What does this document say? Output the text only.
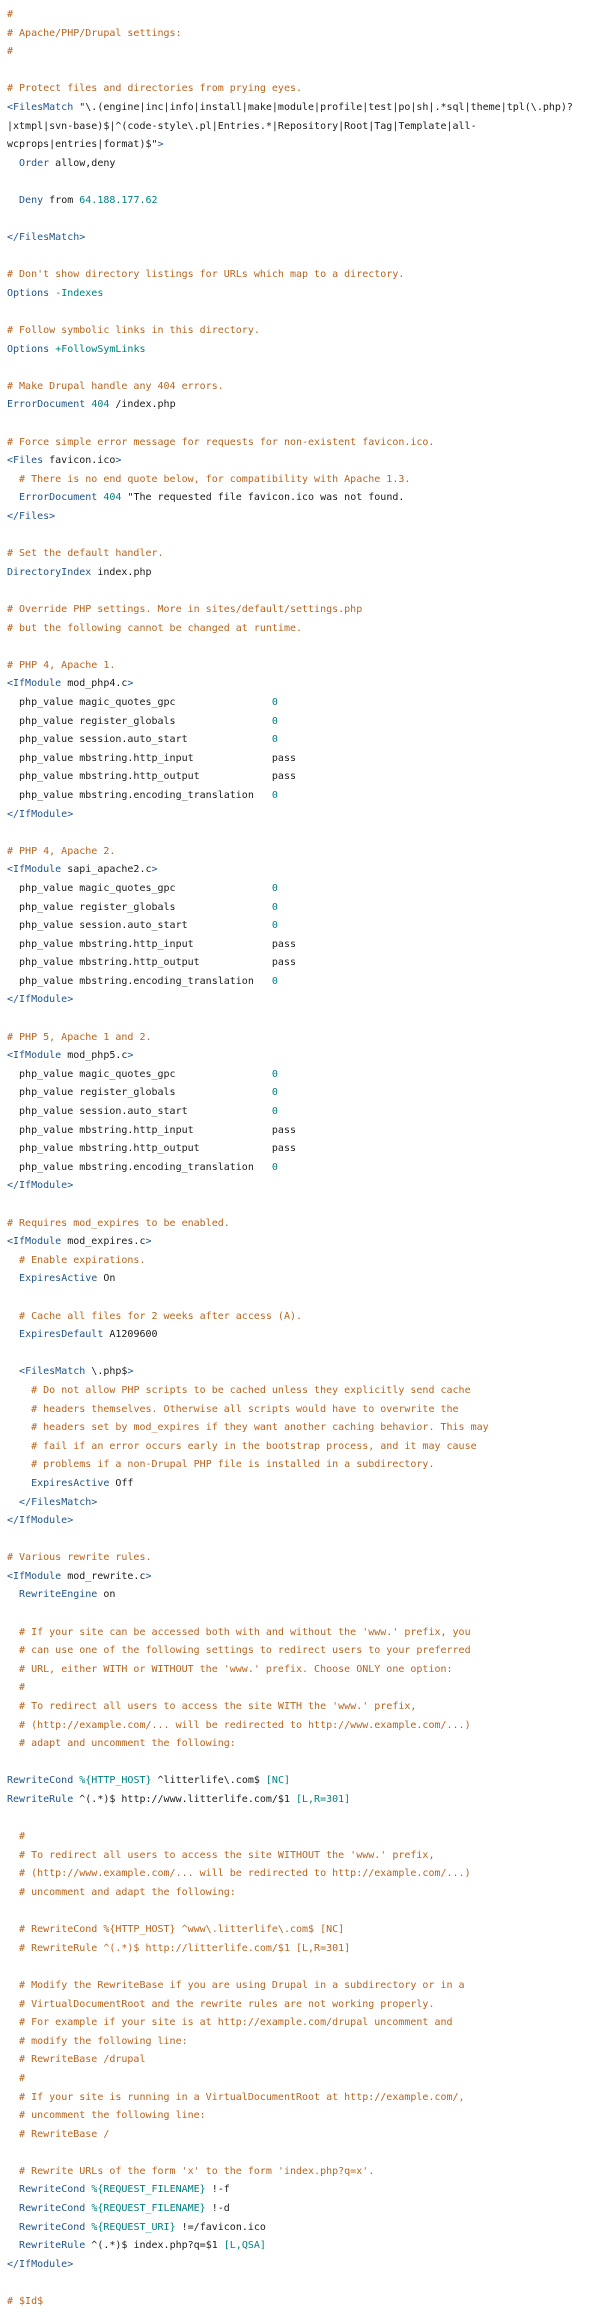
#
# Apache/PHP/Drupal settings:
#

# Protect files and directories from prying eyes.
<FilesMatch "\.(engine|inc|info|install|make|module|profile|test|po|sh|.*sql|theme|tpl(\.php)?
|xtmpl|svn-base)$|^(code-style\.pl|Entries.*|Repository|Root|Tag|Template|all-
wcprops|entries|format)$">
Order allow,deny

Deny from 64.188.177.62

</FilesMatch>

# Don't show directory listings for URLs which map to a directory.
Options -Indexes

# Follow symbolic links in this directory.
Options +FollowSymLinks

# Make Drupal handle any 404 errors.
ErrorDocument 404 /index.php

# Force simple error message for requests for non-existent favicon.ico.
<Files favicon.ico>
# There is no end quote below, for compatibility with Apache 1.3.
ErrorDocument 404 "The requested file favicon.ico was not found.
</Files>

# Set the default handler.
DirectoryIndex index.php

# Override PHP settings. More in sites/default/settings.php
# but the following cannot be changed at runtime.

# PHP 4, Apache 1.
<IfModule mod_php4.c>
php_value magic_quotes_gpc                0
php_value register_globals                0
php_value session.auto_start              0
php_value mbstring.http_input             pass
php_value mbstring.http_output            pass
php_value mbstring.encoding_translation   0
</IfModule>

# PHP 4, Apache 2.
<IfModule sapi_apache2.c>
php_value magic_quotes_gpc                0
php_value register_globals                0
php_value session.auto_start              0
php_value mbstring.http_input             pass
php_value mbstring.http_output            pass
php_value mbstring.encoding_translation   0
</IfModule>

# PHP 5, Apache 1 and 2.
<IfModule mod_php5.c>
php_value magic_quotes_gpc                0
php_value register_globals                0
php_value session.auto_start              0
php_value mbstring.http_input             pass
php_value mbstring.http_output            pass
php_value mbstring.encoding_translation   0
</IfModule>

# Requires mod_expires to be enabled.
<IfModule mod_expires.c>
# Enable expirations.
ExpiresActive On

# Cache all files for 2 weeks after access (A).
ExpiresDefault A1209600

<FilesMatch \.php$>
# Do not allow PHP scripts to be cached unless they explicitly send cache
# headers themselves. Otherwise all scripts would have to overwrite the
# headers set by mod_expires if they want another caching behavior. This may
# fail if an error occurs early in the bootstrap process, and it may cause
# problems if a non-Drupal PHP file is installed in a subdirectory.
ExpiresActive Off
</FilesMatch>
</IfModule>

# Various rewrite rules.
<IfModule mod_rewrite.c>
RewriteEngine on

# If your site can be accessed both with and without the 'www.' prefix, you
# can use one of the following settings to redirect users to your preferred
# URL, either WITH or WITHOUT the 'www.' prefix. Choose ONLY one option:
#
# To redirect all users to access the site WITH the 'www.' prefix,
# (http://example.com/... will be redirected to http://www.example.com/...)
# adapt and uncomment the following:

RewriteCond %{HTTP_HOST} ^litterlife\.com$ [NC]
RewriteRule ^(.*)$ http://www.litterlife.com/$1 [L,R=301]

#
# To redirect all users to access the site WITHOUT the 'www.' prefix,
# (http://www.example.com/... will be redirected to http://example.com/...)
# uncomment and adapt the following:

# RewriteCond %{HTTP_HOST} ^www\.litterlife\.com$ [NC]
# RewriteRule ^(.*)$ http://litterlife.com/$1 [L,R=301]

# Modify the RewriteBase if you are using Drupal in a subdirectory or in a
# VirtualDocumentRoot and the rewrite rules are not working properly.
# For example if your site is at http://example.com/drupal uncomment and
# modify the following line:
# RewriteBase /drupal
#
# If your site is running in a VirtualDocumentRoot at http://example.com/,
# uncomment the following line:
# RewriteBase /

# Rewrite URLs of the form 'x' to the form 'index.php?q=x'.
RewriteCond %{REQUEST_FILENAME} !-f
RewriteCond %{REQUEST_FILENAME} !-d
RewriteCond %{REQUEST_URI} !=/favicon.ico
RewriteRule ^(.*)$ index.php?q=$1 [L,QSA]
</IfModule>

# $Id$
